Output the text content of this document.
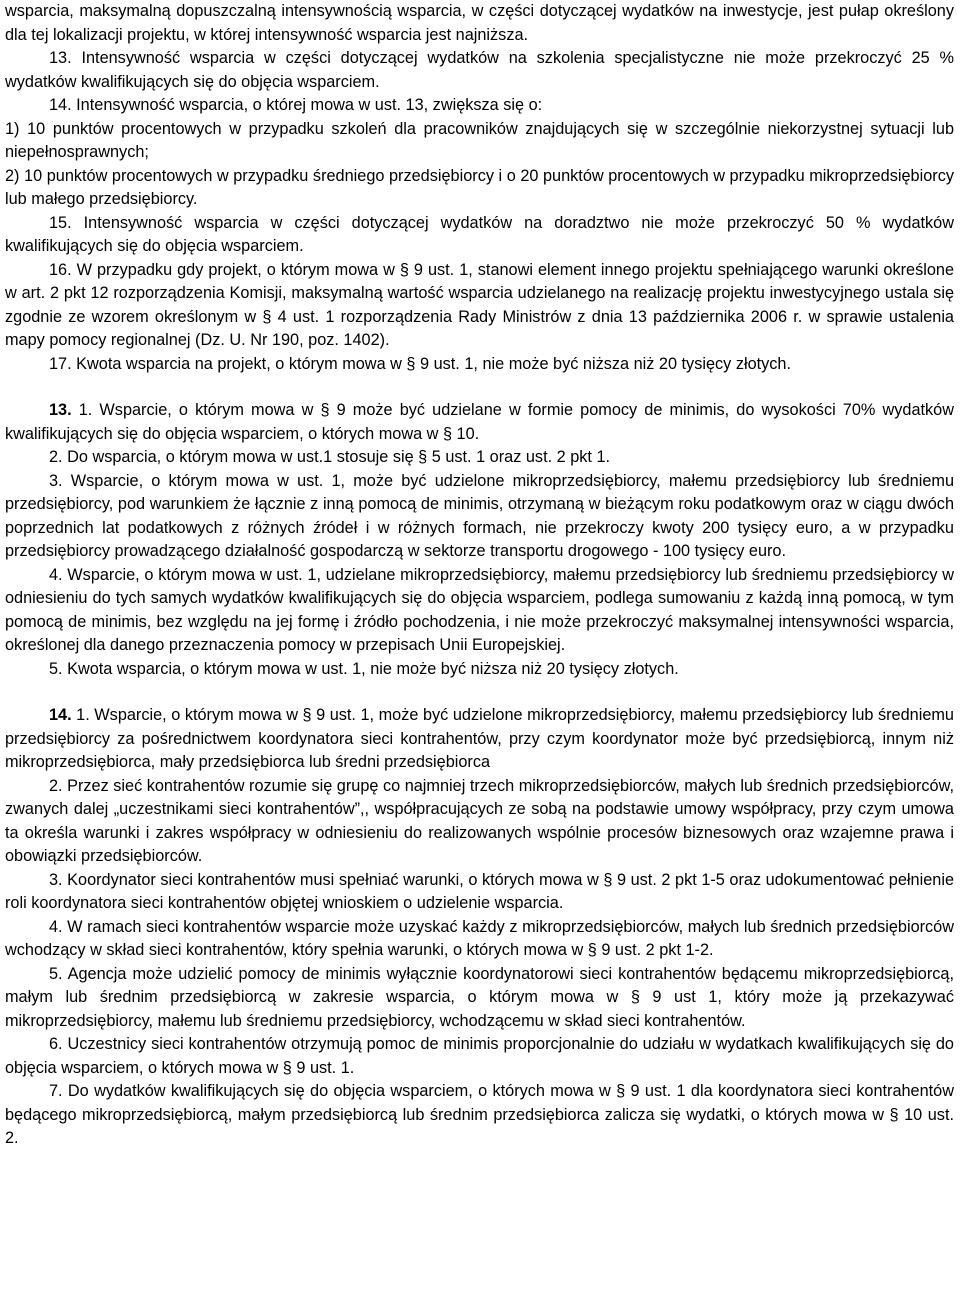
wsparcia, maksymalną dopuszczalną intensywnością wsparcia, w części dotyczącej wydatków na inwestycje, jest pułap określony dla tej lokalizacji projektu, w której intensywność wsparcia jest najniższa.

13. Intensywność wsparcia w części dotyczącej wydatków na szkolenia specjalistyczne nie może przekroczyć 25 % wydatków kwalifikujących się do objęcia wsparciem.

14. Intensywność wsparcia, o której mowa w ust. 13, zwiększa się o:

1) 10 punktów procentowych w przypadku szkoleń dla pracowników znajdujących się w szczególnie niekorzystnej sytuacji lub niepełnosprawnych;

2) 10 punktów procentowych w przypadku średniego przedsiębiorcy i o 20 punktów procentowych w przypadku mikroprzedsiębiorcy lub małego przedsiębiorcy.

15. Intensywność wsparcia w części dotyczącej wydatków na doradztwo nie może przekroczyć 50 % wydatków kwalifikujących się do objęcia wsparciem.

16. W przypadku gdy projekt, o którym mowa w § 9 ust. 1, stanowi element innego projektu spełniającego warunki określone w art. 2 pkt 12 rozporządzenia Komisji, maksymalną wartość wsparcia udzielanego na realizację projektu inwestycyjnego ustala się zgodnie ze wzorem określonym w § 4 ust. 1 rozporządzenia Rady Ministrów z dnia 13 października 2006 r. w sprawie ustalenia mapy pomocy regionalnej (Dz. U. Nr 190, poz. 1402).

17. Kwota wsparcia na projekt, o którym mowa w § 9 ust. 1, nie może być niższa niż 20 tysięcy złotych.

13. 1. Wsparcie, o którym mowa w § 9 może być udzielane w formie pomocy de minimis, do wysokości 70% wydatków kwalifikujących się do objęcia wsparciem, o których mowa w § 10.

2. Do wsparcia, o którym mowa w ust.1 stosuje się § 5 ust. 1 oraz ust. 2 pkt 1.

3. Wsparcie, o którym mowa w ust. 1, może być udzielone mikroprzedsiębiorcy, małemu przedsiębiorcy lub średniemu przedsiębiorcy, pod warunkiem że łącznie z inną pomocą de minimis, otrzymaną w bieżącym roku podatkowym oraz w ciągu dwóch poprzednich lat podatkowych z różnych źródeł i w różnych formach, nie przekroczy kwoty 200 tysięcy euro, a w przypadku przedsiębiorcy prowadzącego działalność gospodarczą w sektorze transportu drogowego - 100 tysięcy euro.

4. Wsparcie, o którym mowa w ust. 1, udzielane mikroprzedsiębiorcy, małemu przedsiębiorcy lub średniemu przedsiębiorcy w odniesieniu do tych samych wydatków kwalifikujących się do objęcia wsparciem, podlega sumowaniu z każdą inną pomocą, w tym pomocą de minimis, bez względu na jej formę i źródło pochodzenia, i nie może przekroczyć maksymalnej intensywności wsparcia, określonej dla danego przeznaczenia pomocy w przepisach Unii Europejskiej.

5. Kwota wsparcia, o którym mowa w ust. 1, nie może być niższa niż 20 tysięcy złotych.

14. 1. Wsparcie, o którym mowa w § 9 ust. 1, może być udzielone mikroprzedsiębiorcy, małemu przedsiębiorcy lub średniemu przedsiębiorcy za pośrednictwem koordynatora sieci kontrahentów, przy czym koordynator może być przedsiębiorcą, innym niż mikroprzedsiębiorca, mały przedsiębiorca lub średni przedsiębiorca

2. Przez sieć kontrahentów rozumie się grupę co najmniej trzech mikroprzedsiębiorców, małych lub średnich przedsiębiorców, zwanych dalej „uczestnikami sieci kontrahentów”,, współpracujących ze sobą na podstawie umowy współpracy, przy czym umowa ta określa warunki i zakres współpracy w odniesieniu do realizowanych wspólnie procesów biznesowych oraz wzajemne prawa i obowiązki przedsiębiorców.

3. Koordynator sieci kontrahentów musi spełniać warunki, o których mowa w § 9 ust. 2 pkt 1-5 oraz udokumentować pełnienie roli koordynatora sieci kontrahentów objętej wnioskiem o udzielenie wsparcia.

4. W ramach sieci kontrahentów wsparcie może uzyskać każdy z mikroprzedsiębiorców, małych lub średnich przedsiębiorców wchodzący w skład sieci kontrahentów, który spełnia warunki, o których mowa w § 9 ust. 2 pkt 1-2.

5. Agencja może udzielić pomocy de minimis wyłącznie koordynatorowi sieci kontrahentów będącemu mikroprzedsiębiorcą, małym lub średnim przedsiębiorcą w zakresie wsparcia, o którym mowa w § 9 ust 1, który może ją przekazywać mikroprzedsiębiorcy, małemu lub średniemu przedsiębiorcy, wchodzącemu w skład sieci kontrahentów.

6. Uczestnicy sieci kontrahentów otrzymują pomoc de minimis proporcjonalnie do udziału w wydatkach kwalifikujących się do objęcia wsparciem, o których mowa w § 9 ust. 1.

7. Do wydatków kwalifikujących się do objęcia wsparciem, o których mowa w § 9 ust. 1 dla koordynatora sieci kontrahentów będącego mikroprzedsiębiorcą, małym przedsiębiorcą lub średnim przedsiębiorca zalicza się wydatki, o których mowa w § 10 ust. 2.
